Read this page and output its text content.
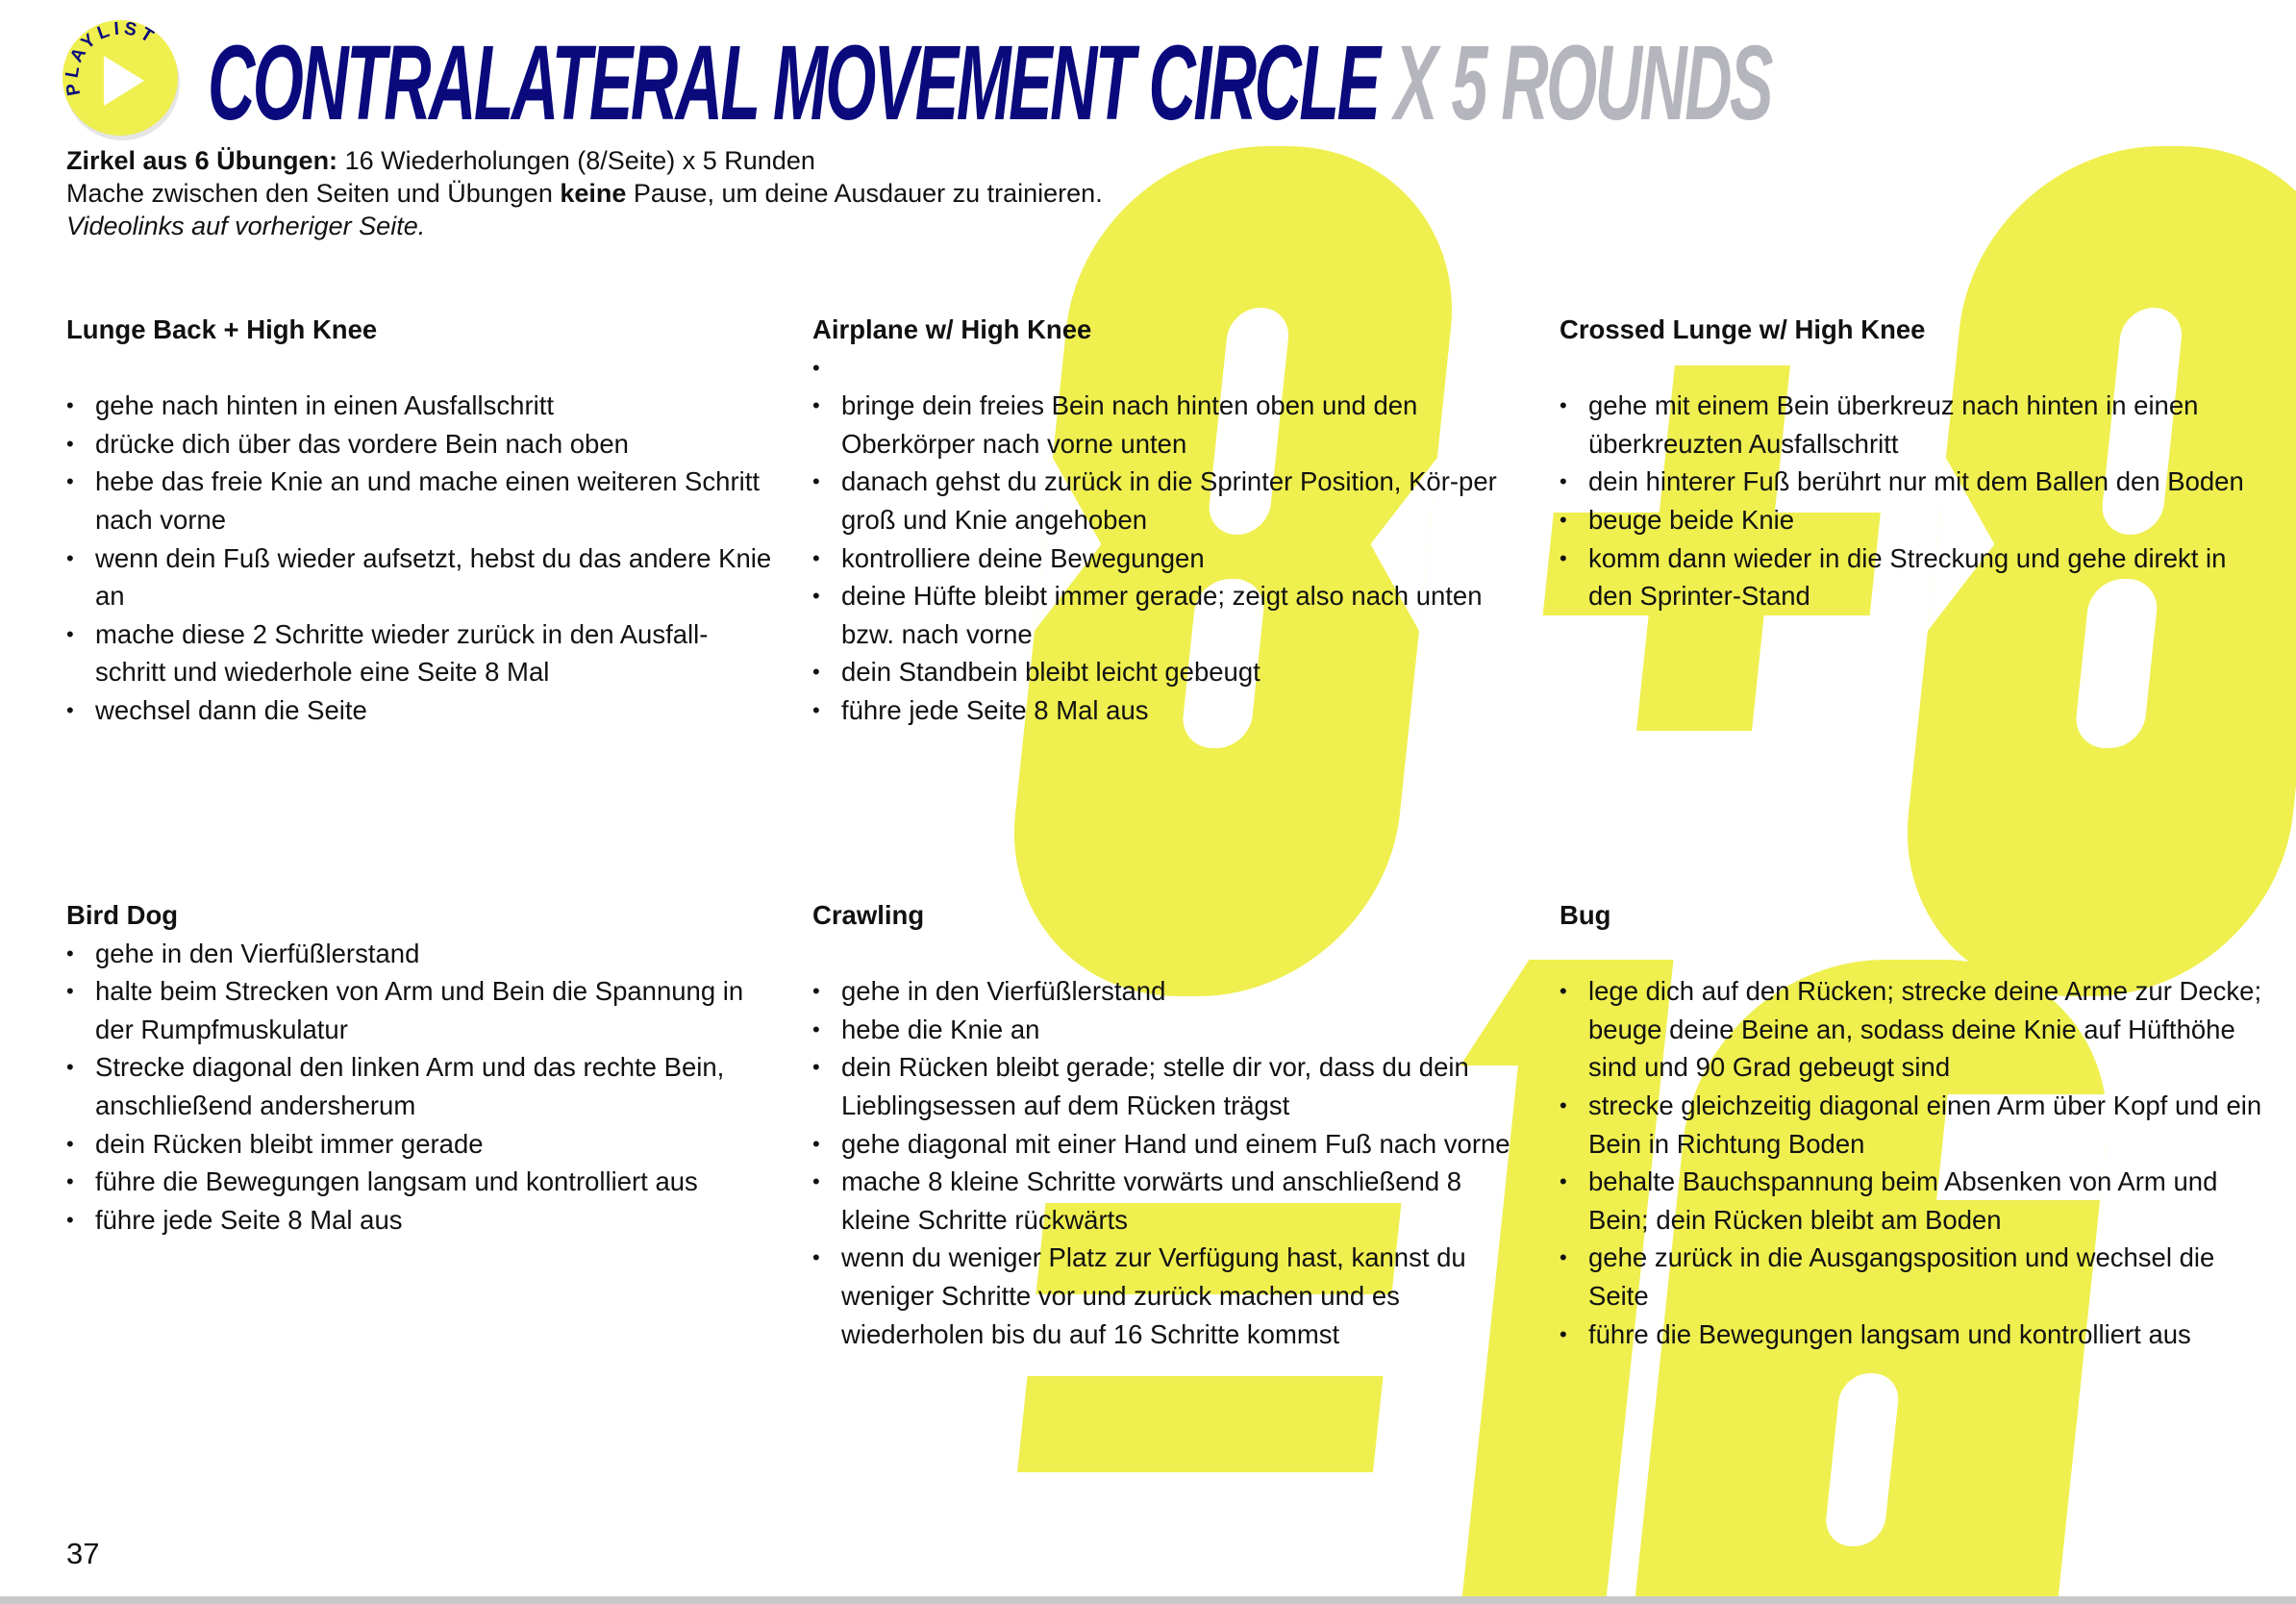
PLAYLIST CONTRALATERAL MOVEMENT CIRCLE X 5 ROUNDS
Zirkel aus 6 Übungen: 16 Wiederholungen (8/Seite) x 5 Runden
Mache zwischen den Seiten und Übungen keine Pause, um deine Ausdauer zu trainieren.
Videolinks auf vorheriger Seite.
Lunge Back + High Knee
• gehe nach hinten in einen Ausfallschritt
• drücke dich über das vordere Bein nach oben
• hebe das freie Knie an und mache einen weiteren Schritt nach vorne
• wenn dein Fuß wieder aufsetzt, hebst du das andere Knie an
• mache diese 2 Schritte wieder zurück in den Ausfall-schritt und wiederhole eine Seite 8 Mal
• wechsel dann die Seite
Airplane w/ High Knee
•
• bringe dein freies Bein nach hinten oben und den Oberkörper nach vorne unten
• danach gehst du zurück in die Sprinter Position, Kör-per groß und Knie angehoben
• kontrolliere deine Bewegungen
• deine Hüfte bleibt immer gerade; zeigt also nach unten bzw. nach vorne
• dein Standbein bleibt leicht gebeugt
• führe jede Seite 8 Mal aus
Crossed Lunge w/ High Knee
• gehe mit einem Bein überkreuz nach hinten in einen überkreuzten Ausfallschritt
• dein hinterer Fuß berührt nur mit dem Ballen den Boden
• beuge beide Knie
• komm dann wieder in die Streckung und gehe direkt in den Sprinter-Stand
Bird Dog
• gehe in den Vierfüßlerstand
• halte beim Strecken von Arm und Bein die Spannung in der Rumpfmuskulatur
• Strecke diagonal den linken Arm und das rechte Bein, anschließend andersherum
• dein Rücken bleibt immer gerade
• führe die Bewegungen langsam und kontrolliert aus
• führe jede Seite 8 Mal aus
Crawling
• gehe in den Vierfüßlerstand
• hebe die Knie an
• dein Rücken bleibt gerade; stelle dir vor, dass du dein Lieblingsessen auf dem Rücken trägst
• gehe diagonal mit einer Hand und einem Fuß nach vorne
• mache 8 kleine Schritte vorwärts und anschließend 8 kleine Schritte rückwärts
• wenn du weniger Platz zur Verfügung hast, kannst du weniger Schritte vor und zurück machen und es wiederholen bis du auf 16 Schritte kommst
Bug
• lege dich auf den Rücken; strecke deine Arme zur Decke; beuge deine Beine an, sodass deine Knie auf Hüfthöhe sind und 90 Grad gebeugt sind
• strecke gleichzeitig diagonal einen Arm über Kopf und ein Bein in Richtung Boden
• behalte Bauchspannung beim Absenken von Arm und Bein; dein Rücken bleibt am Boden
• gehe zurück in die Ausgangsposition und wechsel die Seite
• führe die Bewegungen langsam und kontrolliert aus
37
